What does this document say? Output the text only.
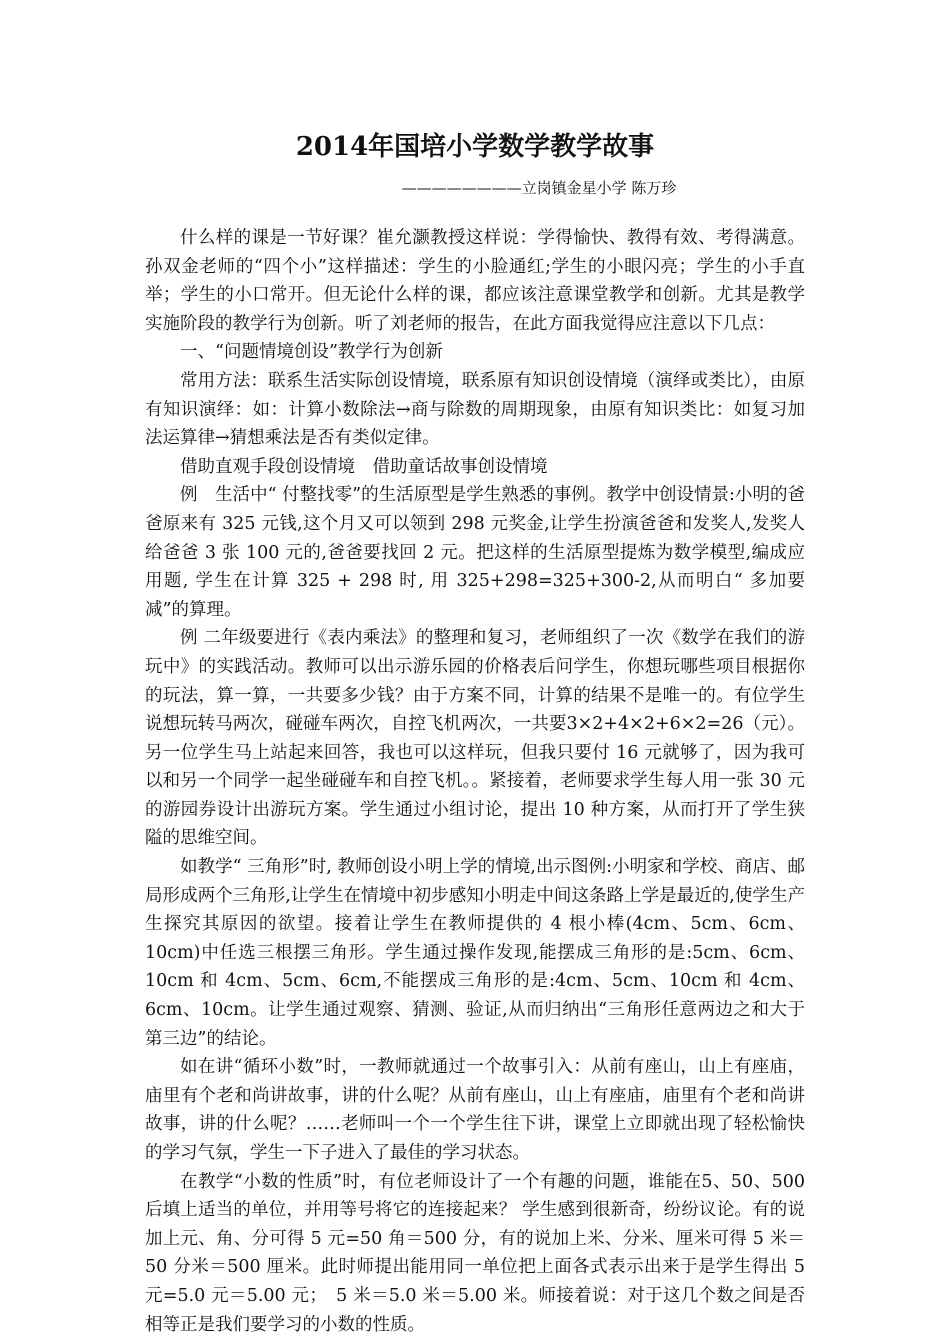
2014年国培小学数学教学故事
————————立岗镇金星小学 陈万珍

什么样的课是一节好课？崔允灏教授这样说：学得愉快、教得有效、考得满意。孙双金老师的“四个小”这样描述：学生的小脸通红;学生的小眼闪亮；学生的小手直举；学生的小口常开。但无论什么样的课，都应该注意课堂教学和创新。尤其是教学实施阶段的教学行为创新。听了刘老师的报告，在此方面我觉得应注意以下几点：

一、“问题情境创设”教学行为创新

常用方法：联系生活实际创设情境，联系原有知识创设情境（演绎或类比），由原有知识演绎：如：计算小数除法→商与除数的周期现象，由原有知识类比：如复习加法运算律→猜想乘法是否有类似定律。

借助直观手段创设情境　借助童话故事创设情境

例　生活中“ 付整找零”的生活原型是学生熟悉的事例。教学中创设情景:小明的爸爸原来有 325 元钱,这个月又可以领到 298 元奖金,让学生扮演爸爸和发奖人,发奖人给爸爸 3 张 100 元的,爸爸要找回 2 元。把这样的生活原型提炼为数学模型,编成应用题, 学生在计算 325 + 298 时, 用 325+298=325+300-2,从而明白“ 多加要减”的算理。

例 二年级要进行《表内乘法》的整理和复习，老师组织了一次《数学在我们的游玩中》的实践活动。教师可以出示游乐园的价格表后问学生，你想玩哪些项目根据你的玩法，算一算，一共要多少钱？由于方案不同，计算的结果不是唯一的。有位学生说想玩转马两次，碰碰车两次，自控飞机两次，一共要3×2+4×2+6×2=26（元）。另一位学生马上站起来回答，我也可以这样玩，但我只要付 16 元就够了，因为我可以和另一个同学一起坐碰碰车和自控飞机。。紧接着，老师要求学生每人用一张 30 元的游园券设计出游玩方案。学生通过小组讨论，提出 10 种方案，从而打开了学生狭隘的思维空间。

如教学“ 三角形”时, 教师创设小明上学的情境,出示图例:小明家和学校、商店、邮局形成两个三角形,让学生在情境中初步感知小明走中间这条路上学是最近的,使学生产生探究其原因的欲望。接着让学生在教师提供的 4 根小棒(4cm、5cm、6cm、10cm)中任选三根摆三角形。学生通过操作发现,能摆成三角形的是:5cm、6cm、10cm 和 4cm、5cm、6cm,不能摆成三角形的是:4cm、5cm、10cm 和 4cm、6cm、10cm。让学生通过观察、猜测、验证,从而归纳出“三角形任意两边之和大于第三边”的结论。

如在讲“循环小数”时，一教师就通过一个故事引入：从前有座山，山上有座庙，庙里有个老和尚讲故事，讲的什么呢？从前有座山，山上有座庙，庙里有个老和尚讲故事，讲的什么呢？……老师叫一个一个学生往下讲，课堂上立即就出现了轻松愉快的学习气氛，学生一下子进入了最佳的学习状态。

在教学“小数的性质”时，有位老师设计了一个有趣的问题，谁能在5、50、500 后填上适当的单位，并用等号将它的连接起来？ 学生感到很新奇，纷纷议论。有的说加上元、角、分可得 5 元=50 角＝500 分，有的说加上米、分米、厘米可得 5 米＝50 分米＝500 厘米。此时师提出能用同一单位把上面各式表示出来于是学生得出 5 元=5.0 元＝5.00 元；　5 米＝5.0 米＝5.00 米。师接着说：对于这几个数之间是否相等正是我们要学习的小数的性质。
